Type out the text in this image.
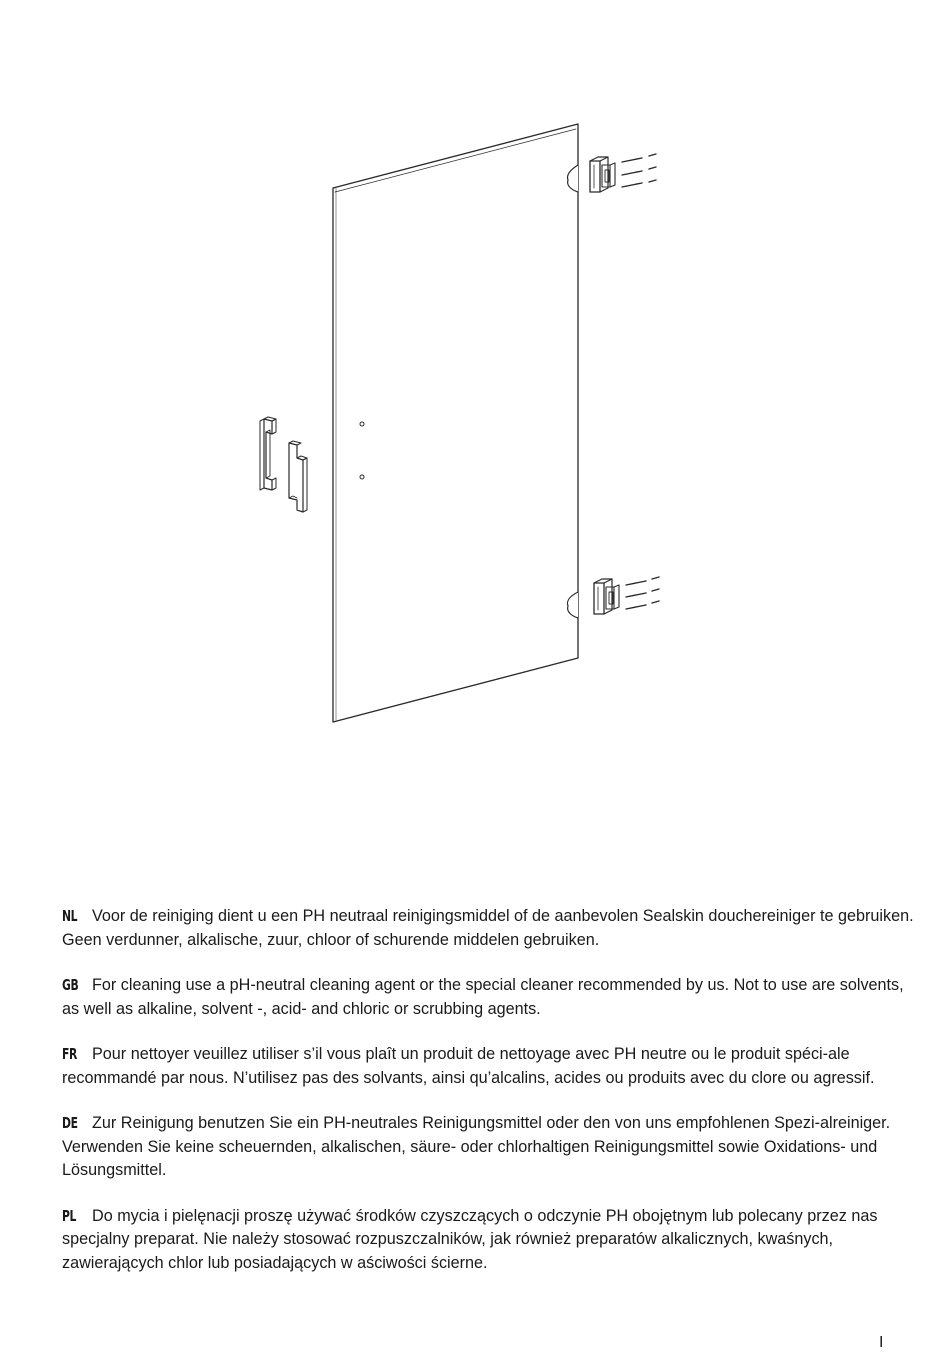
NL Voor de reiniging dient u een PH neutraal reinigingsmiddel of de aanbevolen Sealskin douchereiniger te gebruiken. Geen verdunner, alkalische, zuur, chloor of schurende middelen gebruiken.
GB For cleaning use a pH-neutral cleaning agent or the special cleaner recommended by us. Not to use are solvents, as well as alkaline, solvent -, acid- and chloric or scrubbing agents.
FR Pour nettoyer veuillez utiliser s’il vous plaît un produit de nettoyage avec PH neutre ou le produit spéci-ale recommandé par nous. N’utilisez pas des solvants, ainsi qu’alcalins, acides ou produits avec du clore ou agressif.
DE Zur Reinigung benutzen Sie ein PH-neutrales Reinigungsmittel oder den von uns empfohlenen Spezi-alreiniger. Verwenden Sie keine scheuernden, alkalischen, säure- oder chlorhaltigen Reinigungsmittel sowie Oxidations- und Lösungsmittel.
PL Do mycia i pielęnacji proszę używać środków czyszczących o odczynie PH obojętnym lub polecany przez nas specjalny preparat. Nie należy stosować rozpuszczalników, jak również preparatów alkalicznych, kwaśnych, zawierających chlor lub posiadających w aściwości ścierne.
I
